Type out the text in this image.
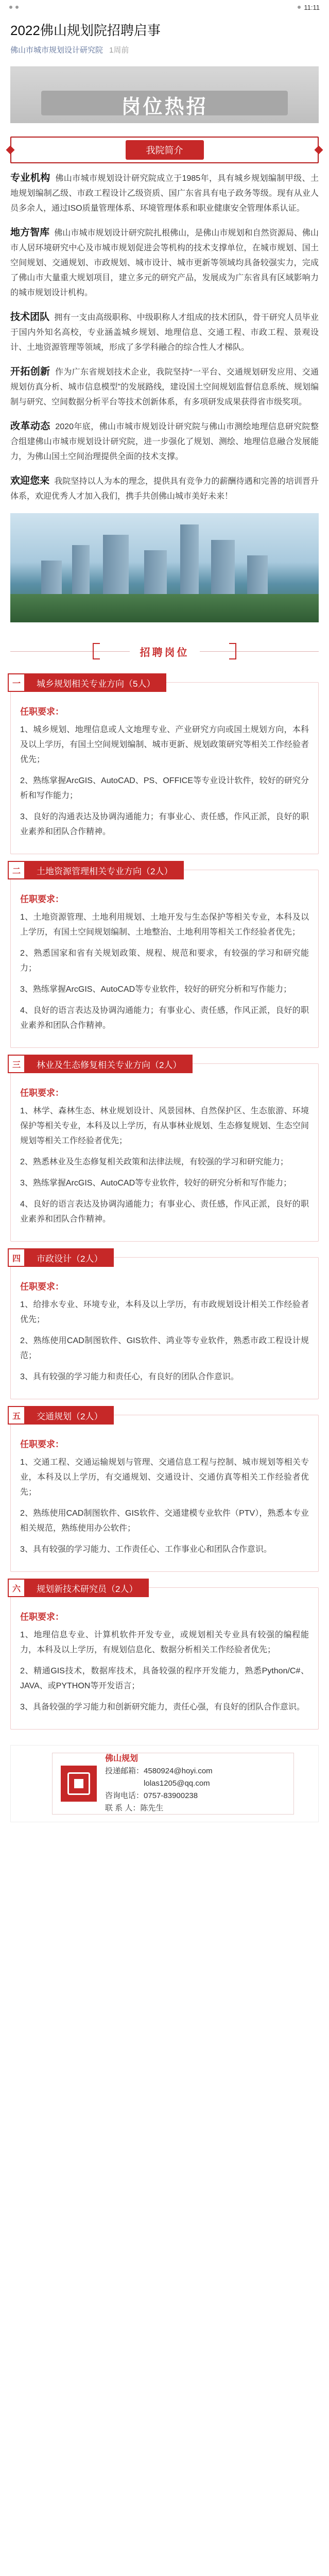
11:11
2022佛山规划院招聘启事
佛山市城市规划设计研究院 1周前
岗位热招
我院简介

专业机构 佛山市城市规划设计研究院成立于1985年，具有城乡规划编制甲级、土地规划编制乙级、市政工程设计乙级资质、国广东省具有电子政务等级。现有从业人员多余人，通过ISO质量管理体系、环境管理体系和职业健康安全管理体系认证。

地方智库 佛山市城市规划设计研究院扎根佛山，是佛山市规划和自然资源局、佛山市人居环境研究中心及市城市规划促进会等机构的技术支撑单位，在城市规划、国土空间规划、交通规划、市政规划、城市设计、城市更新等领域均具备较强实力，完成了佛山市大量重大规划项目，建立多元的研究产品，发展成为广东省具有区域影响力的城市规划设计机构。

技术团队 拥有一支由高级职称、中级职称人才组成的技术团队，骨干研究人员毕业于国内外知名高校，专业涵盖城乡规划、地理信息、交通工程、市政工程、景观设计、土地资源管理等领域，形成了多学科融合的综合性人才梯队。

开拓创新 作为广东省规划技术企业，我院坚持“一平台、交通规划研发应用、交通规划仿真分析、城市信息模型”的发展路线，建设国土空间规划监督信息系统、规划编制与研究、空间数据分析平台等技术创新体系，有多项研发成果获得省市级奖项。

改革动态 2020年底，佛山市城市规划设计研究院与佛山市测绘地理信息研究院整合组建佛山市城市规划设计研究院，进一步强化了规划、测绘、地理信息融合发展能力，为佛山国土空间治理提供全面的技术支撑。

欢迎您来 我院坚持以人为本的理念，提供具有竞争力的薪酬待遇和完善的培训晋升体系，欢迎优秀人才加入我们，携手共创佛山城市美好未来！

招聘岗位
一	城乡规划相关专业方向（5人）
任职要求：

1、城乡规划、地理信息或人文地理专业、产业研究方向或国土规划方向，本科及以上学历，有国土空间规划编制、城市更新、规划政策研究等相关工作经验者优先；

2、熟练掌握ArcGIS、AutoCAD、PS、OFFICE等专业设计软件，较好的研究分析和写作能力；

3、良好的沟通表达及协调沟通能力；有事业心、责任感，作风正派，良好的职业素养和团队合作精神。

二	土地资源管理相关专业方向（2人）
任职要求：

1、土地资源管理、土地利用规划、土地开发与生态保护等相关专业，本科及以上学历，有国土空间规划编制、土地整治、土地利用等相关工作经验者优先；

2、熟悉国家和省有关规划政策、规程、规范和要求，有较强的学习和研究能力；

3、熟练掌握ArcGIS、AutoCAD等专业软件，较好的研究分析和写作能力；

4、良好的语言表达及协调沟通能力；有事业心、责任感，作风正派，良好的职业素养和团队合作精神。

三	林业及生态修复相关专业方向（2人）
任职要求：

1、林学、森林生态、林业规划设计、风景园林、自然保护区、生态旅游、环境保护等相关专业，本科及以上学历，有从事林业规划、生态修复规划、生态空间规划等相关工作经验者优先；

2、熟悉林业及生态修复相关政策和法律法规，有较强的学习和研究能力；

3、熟练掌握ArcGIS、AutoCAD等专业软件，较好的研究分析和写作能力；

4、良好的语言表达及协调沟通能力；有事业心、责任感，作风正派，良好的职业素养和团队合作精神。

四	市政设计（2人）
任职要求：

1、给排水专业、环境专业，本科及以上学历，有市政规划设计相关工作经验者优先；

2、熟练使用CAD制图软件、GIS软件、鸿业等专业软件，熟悉市政工程设计规范；

3、具有较强的学习能力和责任心，有良好的团队合作意识。

五	交通规划（2人）
任职要求：

1、交通工程、交通运输规划与管理、交通信息工程与控制、城市规划等相关专业，本科及以上学历，有交通规划、交通设计、交通仿真等相关工作经验者优先；

2、熟练使用CAD制图软件、GIS软件、交通建模专业软件（PTV），熟悉本专业相关规范，熟练使用办公软件；

3、具有较强的学习能力、工作责任心、工作事业心和团队合作意识。

六	规划新技术研究员（2人）
任职要求：

1、地理信息专业、计算机软件开发专业，或规划相关专业具有较强的编程能力，本科及以上学历，有规划信息化、数据分析相关工作经验者优先；

2、精通GIS技术，数据库技术，具备较强的程序开发能力，熟悉Python/C#、JAVA、或PYTHON等开发语言；

3、具备较强的学习能力和创新研究能力，责任心强，有良好的团队合作意识。

佛山规划
投递邮箱：4580924@hoyi.com
lolas1205@qq.com
咨询电话：0757-83900238
联 系 人：陈先生
